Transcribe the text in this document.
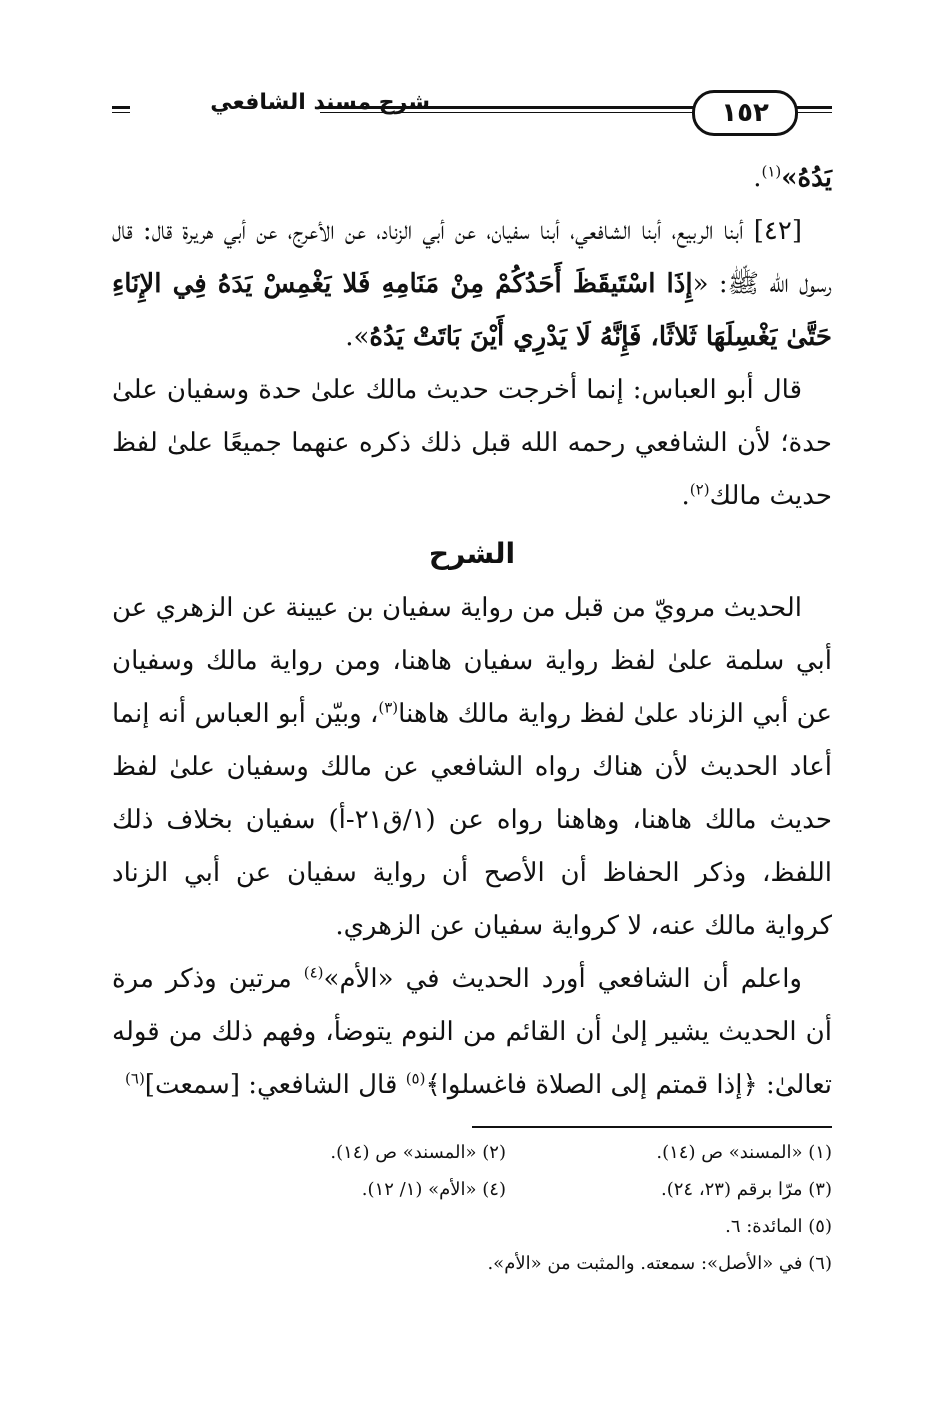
شرح مسند الشافعي	١٥٢

يَدُهُ»$^{(١)}$.

[٤٢] أبنا الربيع، أبنا الشافعي، أبنا سفيان، عن أبي الزناد، عن الأعرج، عن أبي هريرة قال: قال رسول الله ﷺ: «إِذَا اسْتَيقَظَ أَحَدُكُمْ مِنْ مَنَامِهِ فَلا يَغْمِسْ يَدَهُ فِي الإِنَاءِ حَتَّىٰ يَغْسِلَهَا ثَلاثًا، فَإِنَّهُ لَا يَدْرِي أَيْنَ بَاتَتْ يَدُهُ».

قال أبو العباس: إنما أخرجت حديث مالك علىٰ حدة وسفيان علىٰ حدة؛ لأن الشافعي رحمه الله قبل ذلك ذكره عنهما جميعًا علىٰ لفظ حديث مالك$^{(٢)}$.

الشرح

الحديث مرويّ من قبل من رواية سفيان بن عيينة عن الزهري عن أبي سلمة علىٰ لفظ رواية سفيان هاهنا، ومن رواية مالك وسفيان عن أبي الزناد علىٰ لفظ رواية مالك هاهنا$^{(٣)}$، وبيّن أبو العباس أنه إنما أعاد الحديث لأن هناك رواه الشافعي عن مالك وسفيان علىٰ لفظ حديث مالك هاهنا، وهاهنا رواه عن (١/ق٢١-أ) سفيان بخلاف ذلك اللفظ، وذكر الحفاظ أن الأصح أن رواية سفيان عن أبي الزناد كرواية مالك عنه، لا كرواية سفيان عن الزهري.

واعلم أن الشافعي أورد الحديث في «الأم»$^{(٤)}$ مرتين وذكر مرة أن الحديث يشير إلىٰ أن القائم من النوم يتوضأ، وفهم ذلك من قوله تعالىٰ: ﴿إذا قمتم إلى الصلاة فاغسلوا﴾$^{(٥)}$ قال الشافعي: [سمعت]$^{(٦)}$

(١) «المسند» ص (١٤).
(٢) «المسند» ص (١٤).
(٣) مرّا برقم (٢٣، ٢٤).
(٤) «الأم» (١/ ١٢).
(٥) المائدة: ٦.
(٦) في «الأصل»: سمعته. والمثبت من «الأم».
